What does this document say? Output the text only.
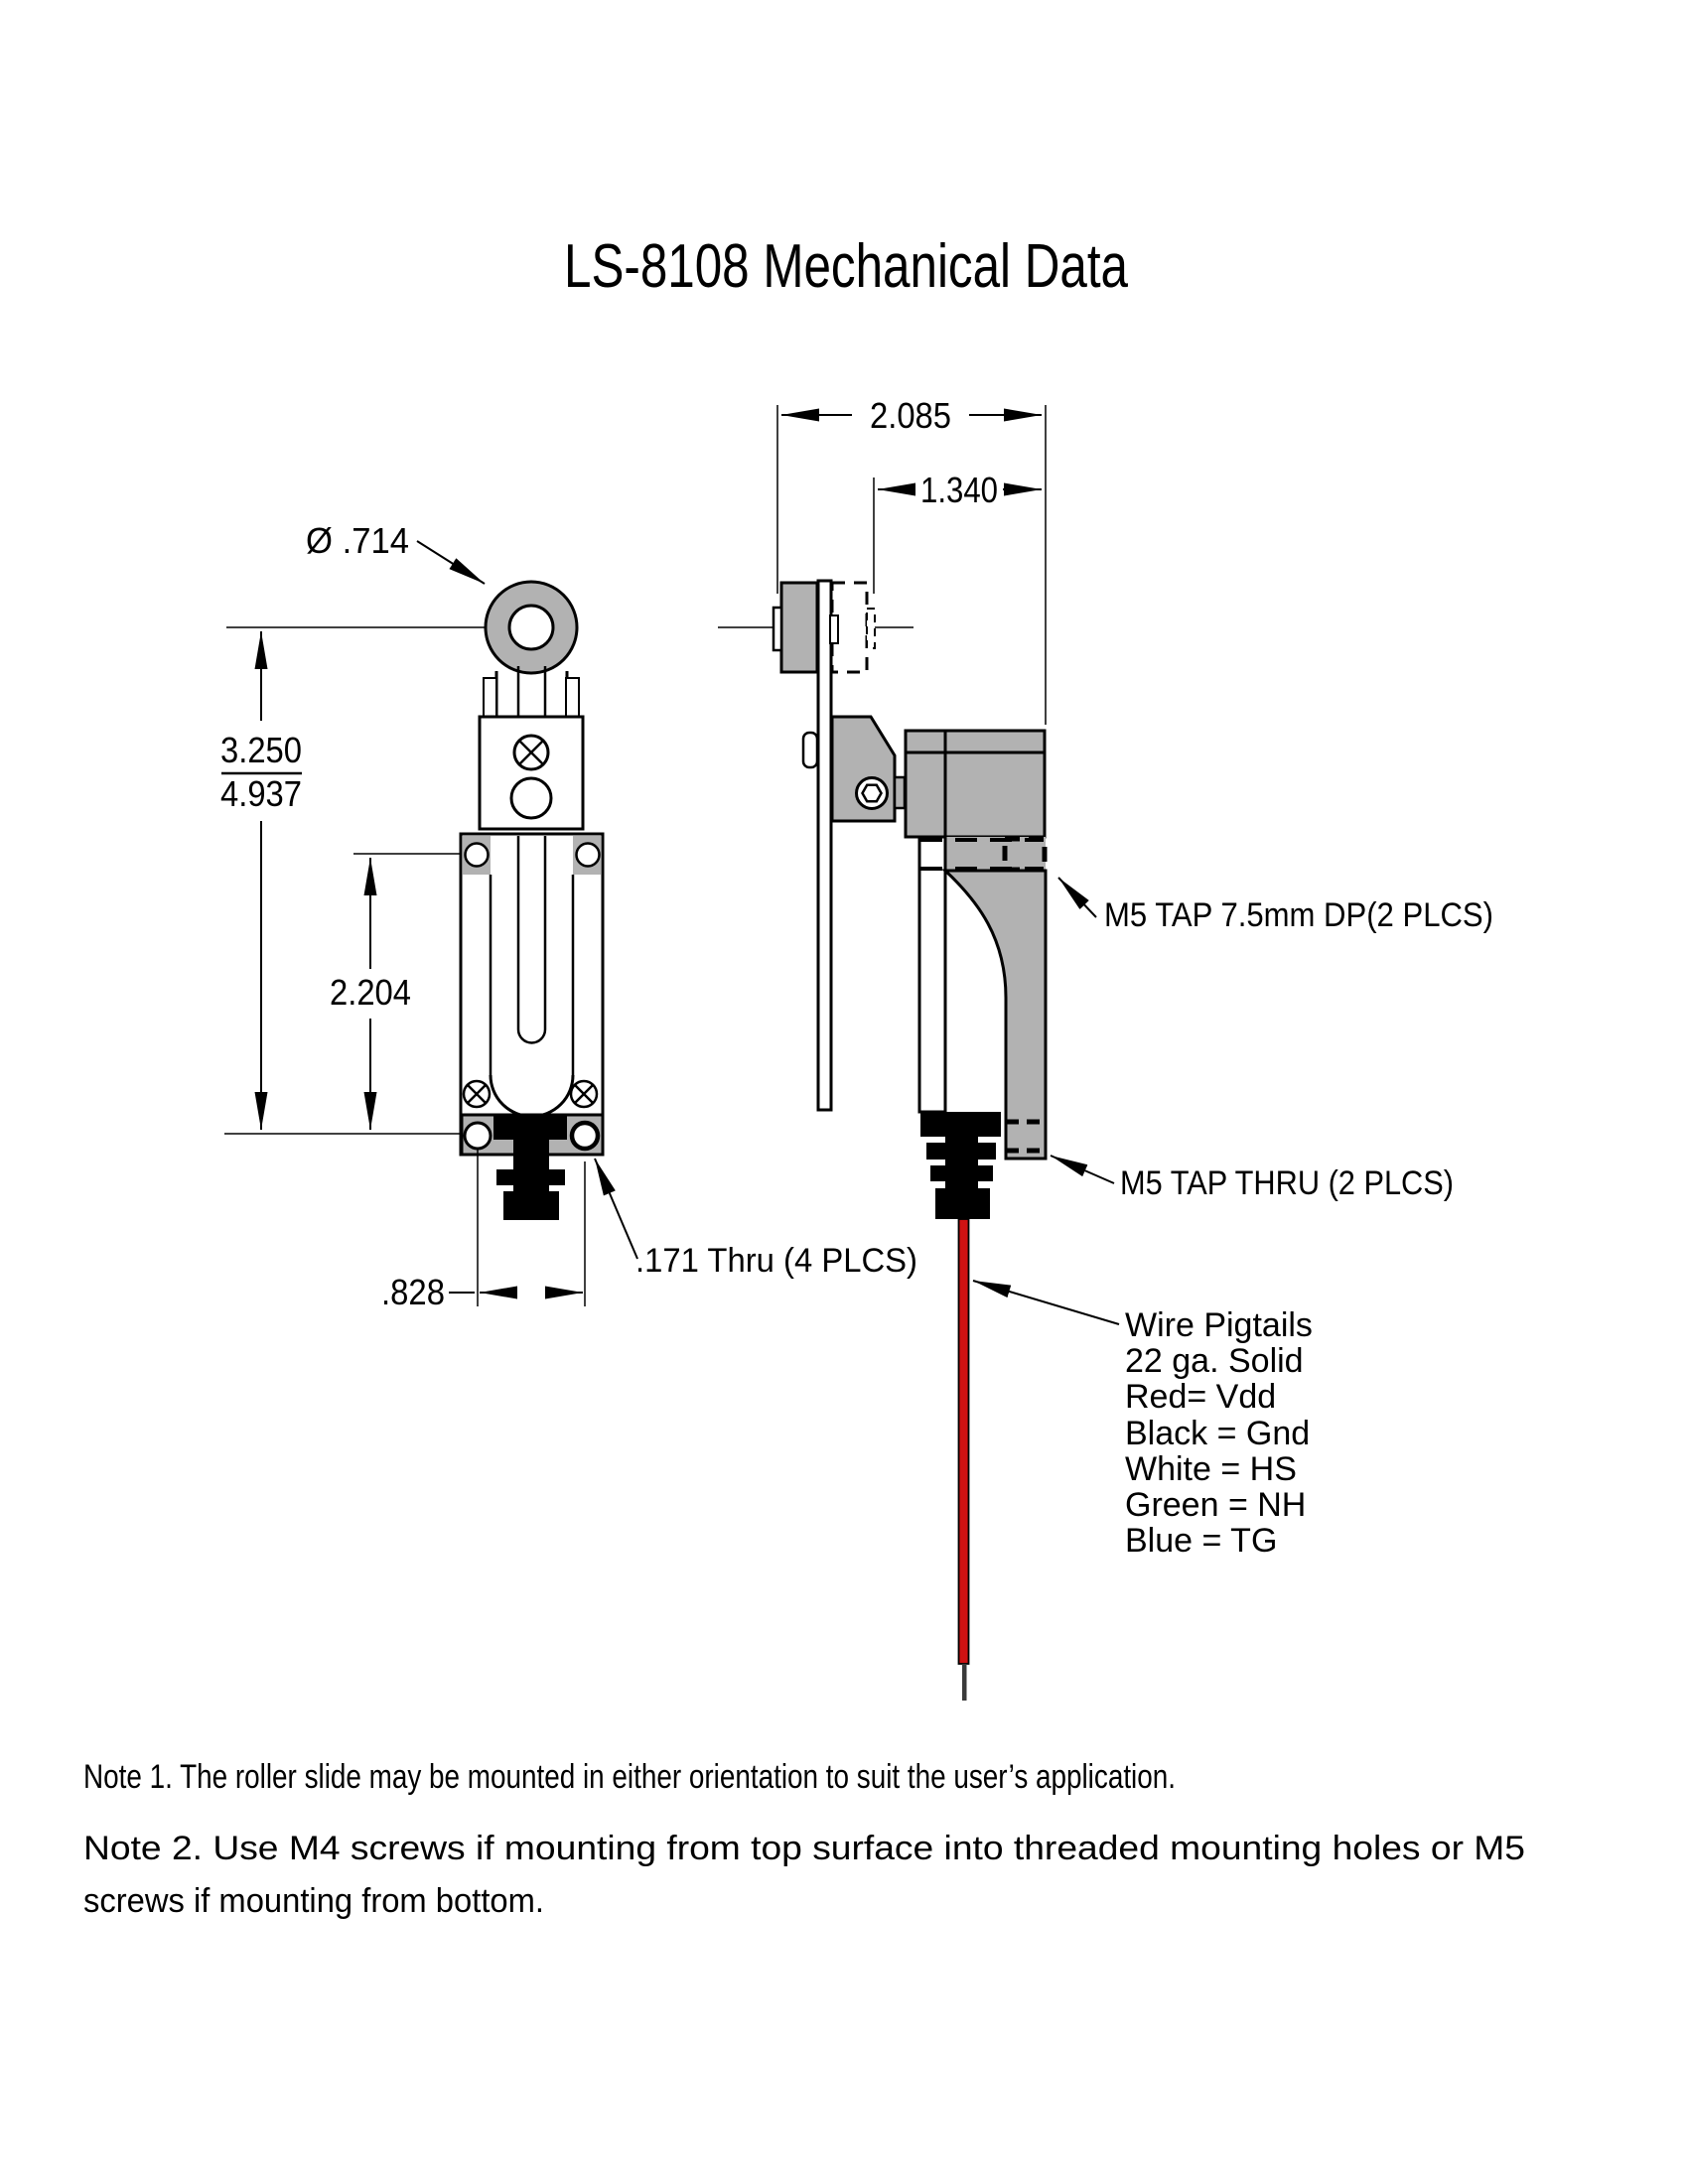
LS-8108 Mechanical Data
3.250
4.937
2.204
Ø .714
.828
.171 Thru (4 PLCS)
2.085
1.340
M5 TAP 7.5mm DP(2 PLCS)
M5 TAP THRU (2 PLCS)
Wire Pigtails
22 ga. Solid
Red= Vdd
Black = Gnd
White = HS
Green = NH
Blue = TG
Note 1. The roller slide may be mounted in either orientation to suit the user’s application.
Note 2. Use M4 screws if mounting from top surface into threaded mounting holes or M5
screws if mounting from bottom.
